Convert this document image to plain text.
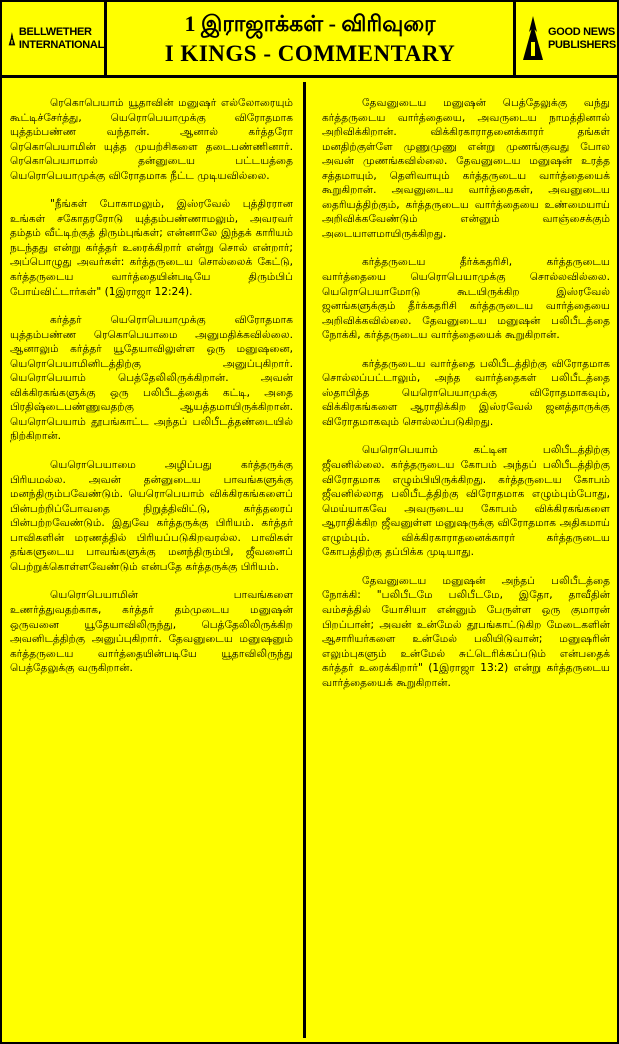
BELLWETHER
INTERNATIONAL
1 இராஜாக்கள் - விரிவுரை
I KINGS - COMMENTARY
GOOD NEWS
PUBLISHERS

ரெகொபெயாம் யூதாவின் மனுஷர் எல்லோரையும் கூட்டிச்சேர்த்து, யெரொபெயாமுக்கு விரோதமாக யுத்தம்பண்ண வந்தான். ஆனால் கர்த்தரோ ரெகொபெயாமின் யுத்த முயற்சிகளை தடைபண்ணினார். ரெகொபெயாமால் தன்னுடைய பட்டயத்தை யெரொபெயாமுக்கு விரோதமாக நீட்ட முடியவில்லை.

"நீங்கள் போகாமலும், இஸ்ரவேல் புத்திரரான உங்கள் சகோதரரோடு யுத்தம்பண்ணாமலும், அவரவர் தம்தம் வீட்டிற்குத் திரும்புங்கள்; என்னாலே இந்தக் காரியம் நடந்தது என்று கர்த்தர் உரைக்கிறார் என்று சொல் என்றார்; அப்பொழுது அவர்கள்: கர்த்தருடைய சொல்லைக் கேட்டு, கர்த்தருடைய வார்த்தையின்படியே திரும்பிப் போய்விட்டார்கள்" (1இராஜா 12:24).

கர்த்தர் யெரொபெயாமுக்கு விரோதமாக யுத்தம்பண்ண ரெகொபெயாமை அனுமதிக்கவில்லை. ஆனாலும் கர்த்தர் யூதேயாவிலுள்ள ஒரு மனுஷனை, யெரொபெயாமினிடத்திற்கு அனுப்புகிறார். யெரொபெயாம் பெத்தேலிலிருக்கிறான். அவன் விக்கிரகங்களுக்கு ஒரு பலிபீடத்தைக் கட்டி, அதை பிரதிஷ்டைபண்ணுவதற்கு ஆயத்தமாயிருக்கிறான். யெரொபெயாம் தூபங்காட்ட அந்தப் பலிபீடத்தண்டையில் நிற்கிறான்.

யெரொபெயாமை அழிப்பது கர்த்தருக்கு பிரியமல்ல. அவன் தன்னுடைய பாவங்களுக்கு மனந்திரும்பவேண்டும். யெரொபெயாம் விக்கிரகங்களைப் பின்பற்றிப்போவதை நிறுத்திவிட்டு, கர்த்தரைப் பின்பற்றவேண்டும். இதுவே கர்த்தருக்கு பிரியம். கர்த்தர் பாவிகளின் மரணத்தில் பிரியப்படுகிறவரல்ல. பாவிகள் தங்களுடைய பாவங்களுக்கு மனந்திரும்பி, ஜீவனைப் பெற்றுக்கொள்ளவேண்டும் என்பதே கர்த்தருக்கு பிரியம்.

யெரொபெயாமின் பாவங்களை உணர்த்துவதற்காக, கர்த்தர் தம்முடைய மனுஷன் ஒருவனை யூதேயாவிலிருந்து, பெத்தேலிலிருக்கிற அவனிடத்திற்கு அனுப்புகிறார். தேவனுடைய மனுஷனும் கர்த்தருடைய வார்த்தையின்படியே யூதாவிலிருந்து பெத்தேலுக்கு வருகிறான்.

தேவனுடைய மனுஷன் பெத்தேலுக்கு வந்து கர்த்தருடைய வார்த்தையை, அவருடைய நாமத்தினால் அறிவிக்கிறான். விக்கிரகாராதனைக்காரர் தங்கள் மனதிற்குள்ளே முணுமுணு என்று முணங்குவது போல அவன் முணங்கவில்லை. தேவனுடைய மனுஷன் உரத்த சத்தமாயும், தெளிவாயும் கர்த்தருடைய வார்த்தையைக் கூறுகிறான். அவனுடைய வார்த்தைகள், அவனுடைய தைரியத்திற்கும், கர்த்தருடைய வார்த்தையை உண்மையாய் அறிவிக்கவேண்டும் என்னும் வாஞ்சைக்கும் அடையாளமாயிருக்கிறது.

கர்த்தருடைய தீர்க்கதரிசி, கர்த்தருடைய வார்த்தையை யெரொபெயாமுக்கு சொல்லவில்லை. யெரொபெயாமோடு கூடயிருக்கிற இஸ்ரவேல் ஜனங்களுக்கும் தீர்க்கதரிசி கர்த்தருடைய வார்த்தையை அறிவிக்கவில்லை. தேவனுடைய மனுஷன் பலிபீடத்தை நோக்கி, கர்த்தருடைய வார்த்தையைக் கூறுகிறான்.

கர்த்தருடைய வார்த்தை பலிபீடத்திற்கு விரோதமாக சொல்லப்பட்டாலும், அந்த வார்த்தைகள் பலிபீடத்தை ஸ்தாபித்த யெரொபெயாமுக்கு விரோதமாகவும், விக்கிரகங்களை ஆராதிக்கிற இஸ்ரவேல் ஜனத்தாருக்கு விரோதமாகவும் சொல்லப்படுகிறது.

யெரொபெயாம் கட்டின பலிபீடத்திற்கு ஜீவனில்லை. கர்த்தருடைய கோபம் அந்தப் பலிபீடத்திற்கு விரோதமாக எழும்பியிருக்கிறது. கர்த்தருடைய கோபம் ஜீவனில்லாத பலிபீடத்திற்கு விரோதமாக எழும்பும்போது, மெய்யாகவே அவருடைய கோபம் விக்கிரகங்களை ஆராதிக்கிற ஜீவனுள்ள மனுஷருக்கு விரோதமாக அதிகமாய் எழும்பும். விக்கிரகாராதனைக்காரர் கர்த்தருடைய கோபத்திற்கு தப்பிக்க முடியாது.

தேவனுடைய மனுஷன் அந்தப் பலிபீடத்தை நோக்கி: "பலிபீடமே பலிபீடமே, இதோ, தாவீதின் வம்சத்தில் யோசியா என்னும் பேருள்ள ஒரு குமாரன் பிறப்பான்; அவன் உன்மேல் தூபங்காட்டுகிற மேடைகளின் ஆசாரியர்களை உன்மேல் பலியிடுவான்; மனுஷரின் எலும்புகளும் உன்மேல் சுட்டெரிக்கப்படும் என்பதைக் கர்த்தர் உரைக்கிறார்" (1இராஜா 13:2) என்று கர்த்தருடைய வார்த்தையைக் கூறுகிறான்.
